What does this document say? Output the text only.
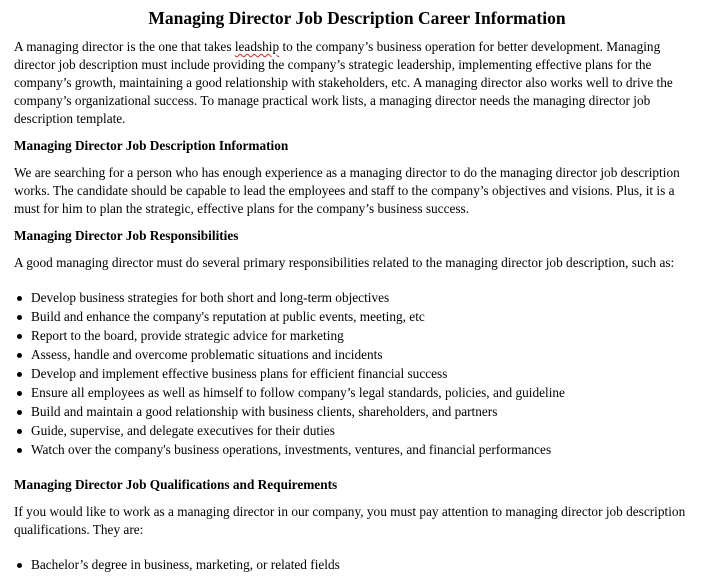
Managing Director Job Description Career Information

A managing director is the one that takes leadship to the company’s business operation for better development. Managing director job description must include providing the company’s strategic leadership, implementing effective plans for the company’s growth, maintaining a good relationship with stakeholders, etc. A managing director also works well to drive the company’s organizational success. To manage practical work lists, a managing director needs the managing director job description template.

Managing Director Job Description Information

We are searching for a person who has enough experience as a managing director to do the managing director job description works. The candidate should be capable to lead the employees and staff to the company’s objectives and visions. Plus, it is a must for him to plan the strategic, effective plans for the company’s business success.

Managing Director Job Responsibilities

A good managing director must do several primary responsibilities related to the managing director job description, such as:

Develop business strategies for both short and long-term objectives
Build and enhance the company's reputation at public events, meeting, etc
Report to the board, provide strategic advice for marketing
Assess, handle and overcome problematic situations and incidents
Develop and implement effective business plans for efficient financial success
Ensure all employees as well as himself to follow company’s legal standards, policies, and guideline
Build and maintain a good relationship with business clients, shareholders, and partners
Guide, supervise, and delegate executives for their duties
Watch over the company's business operations, investments, ventures, and financial performances

Managing Director Job Qualifications and Requirements

If you would like to work as a managing director in our company, you must pay attention to managing director job description qualifications. They are:

Bachelor’s degree in business, marketing, or related fields
